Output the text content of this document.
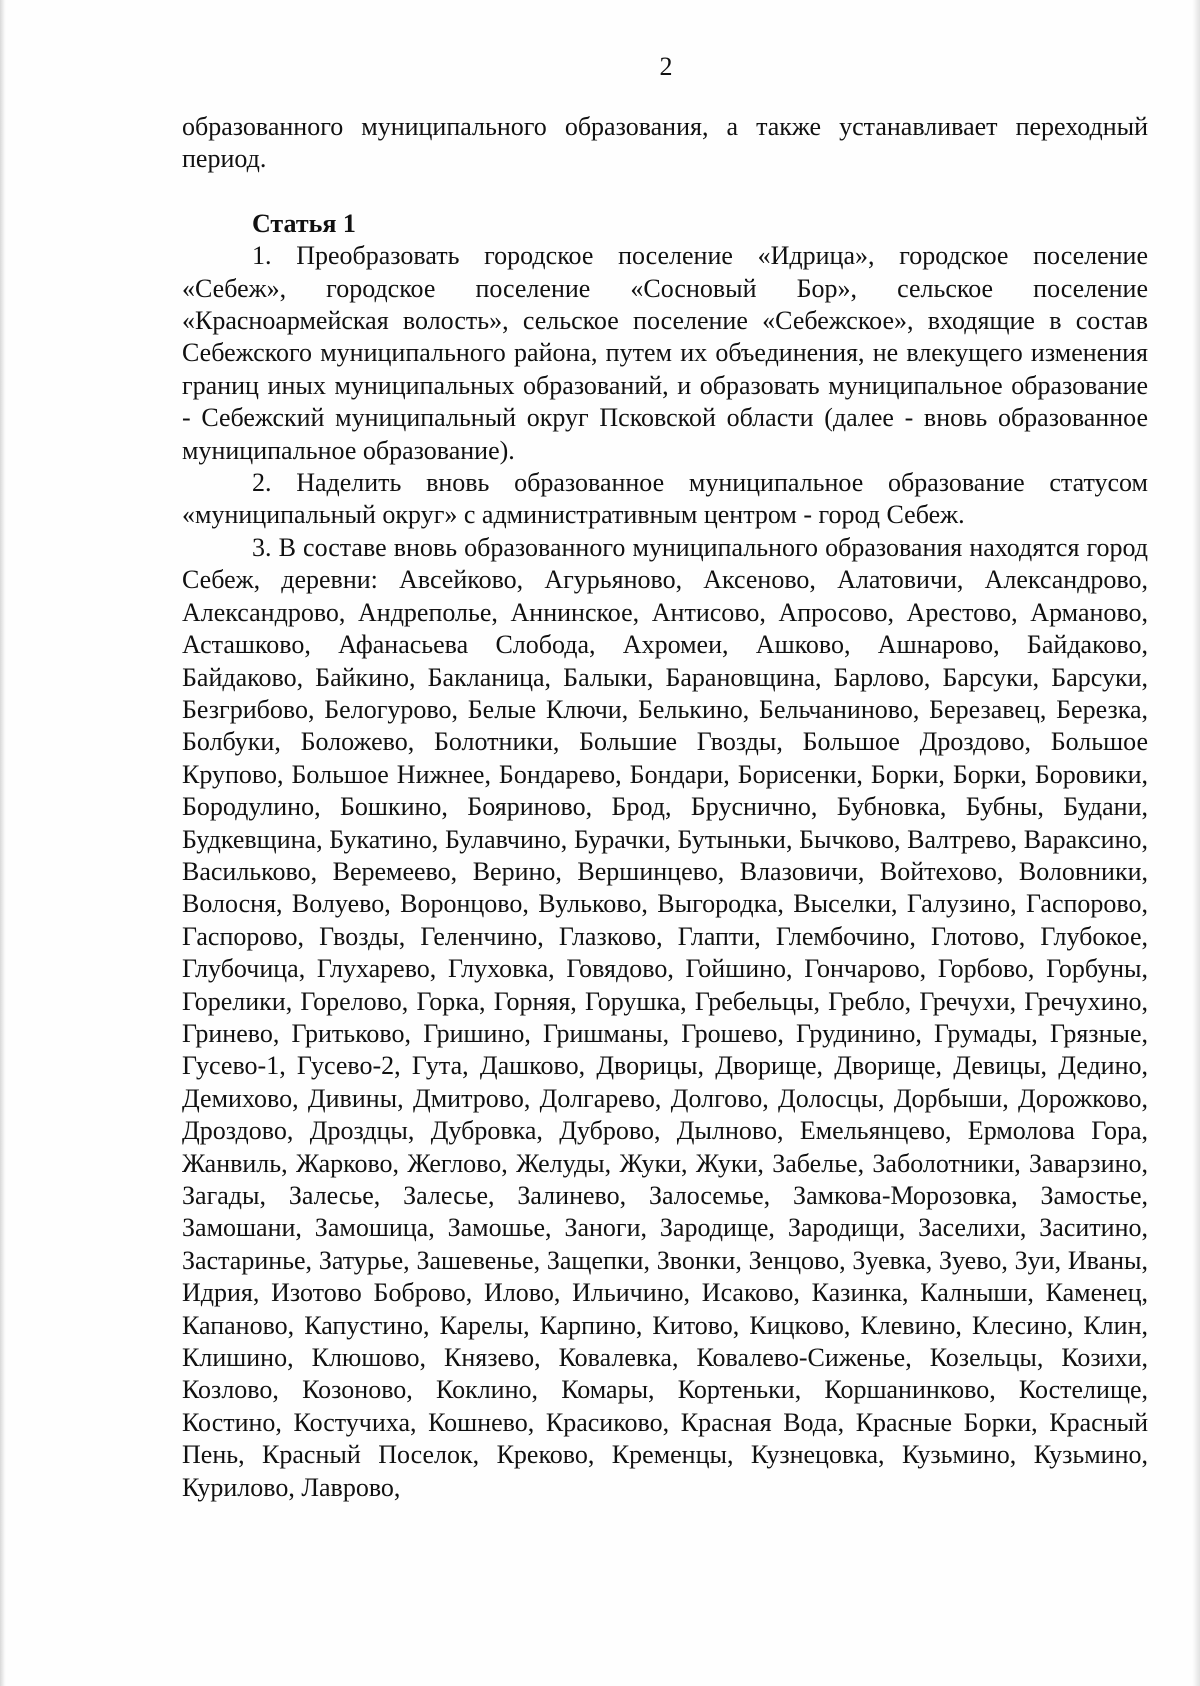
2

образованного муниципального образования, а также устанавливает переходный период.

Статья 1

1. Преобразовать городское поселение «Идрица», городское поселение «Себеж», городское поселение «Сосновый Бор», сельское поселение «Красноармейская волость», сельское поселение «Себежское», входящие в состав Себежского муниципального района, путем их объединения, не влекущего изменения границ иных муниципальных образований, и образовать муниципальное образование - Себежский муниципальный округ Псковской области (далее - вновь образованное муниципальное образование).

2. Наделить вновь образованное муниципальное образование статусом «муниципальный округ» с административным центром - город Себеж.

3. В составе вновь образованного муниципального образования находятся город Себеж, деревни: Авсейково, Агурьяново, Аксеново, Алатовичи, Александрово, Александрово, Андреполье, Аннинское, Антисово, Апросово, Арестово, Арманово, Асташково, Афанасьева Слобода, Ахромеи, Ашково, Ашнарово, Байдаково, Байдаково, Байкино, Бакланица, Балыки, Барановщина, Барлово, Барсуки, Барсуки, Безгрибово, Белогурово, Белые Ключи, Белькино, Бельчаниново, Березавец, Березка, Болбуки, Боложево, Болотники, Большие Гвозды, Большое Дроздово, Большое Крупово, Большое Нижнее, Бондарево, Бондари, Борисенки, Борки, Борки, Боровики, Бородулино, Бошкино, Бояриново, Брод, Бруснично, Бубновка, Бубны, Будани, Будкевщина, Букатино, Булавчино, Бурачки, Бутыньки, Бычково, Валтрево, Вараксино, Васильково, Веремеево, Верино, Вершинцево, Влазовичи, Войтехово, Воловники, Волосня, Волуево, Воронцово, Вульково, Выгородка, Выселки, Галузино, Гаспорово, Гаспорово, Гвозды, Геленчино, Глазково, Глапти, Глембочино, Глотово, Глубокое, Глубочица, Глухарево, Глуховка, Говядово, Гойшино, Гончарово, Горбово, Горбуны, Горелики, Горелово, Горка, Горняя, Горушка, Гребельцы, Гребло, Гречухи, Гречухино, Гринево, Гритьково, Гришино, Гришманы, Грошево, Грудинино, Грумады, Грязные, Гусево-1, Гусево-2, Гута, Дашково, Дворицы, Дворище, Дворище, Девицы, Дедино, Демихово, Дивины, Дмитрово, Долгарево, Долгово, Долосцы, Дорбыши, Дорожково, Дроздово, Дроздцы, Дубровка, Дуброво, Дылново, Емельянцево, Ермолова Гора, Жанвиль, Жарково, Жеглово, Желуды, Жуки, Жуки, Забелье, Заболотники, Заварзино, Загады, Залесье, Залесье, Залинево, Залосемье, Замкова-Морозовка, Замостье, Замошани, Замошица, Замошье, Заноги, Зародище, Зародищи, Заселихи, Заситино, Застаринье, Затурье, Зашевенье, Защепки, Звонки, Зенцово, Зуевка, Зуево, Зуи, Иваны, Идрия, Изотово Боброво, Илово, Ильичино, Исаково, Казинка, Калныши, Каменец, Капаново, Капустино, Карелы, Карпино, Китово, Кицково, Клевино, Клесино, Клин, Клишино, Клюшово, Князево, Ковалевка, Ковалево-Сиженье, Козельцы, Козихи, Козлово, Козоново, Коклино, Комары, Кортеньки, Коршанинково, Костелище, Костино, Костучиха, Кошнево, Красиково, Красная Вода, Красные Борки, Красный Пень, Красный Поселок, Креково, Кременцы, Кузнецовка, Кузьмино, Кузьмино, Курилово, Лаврово,
